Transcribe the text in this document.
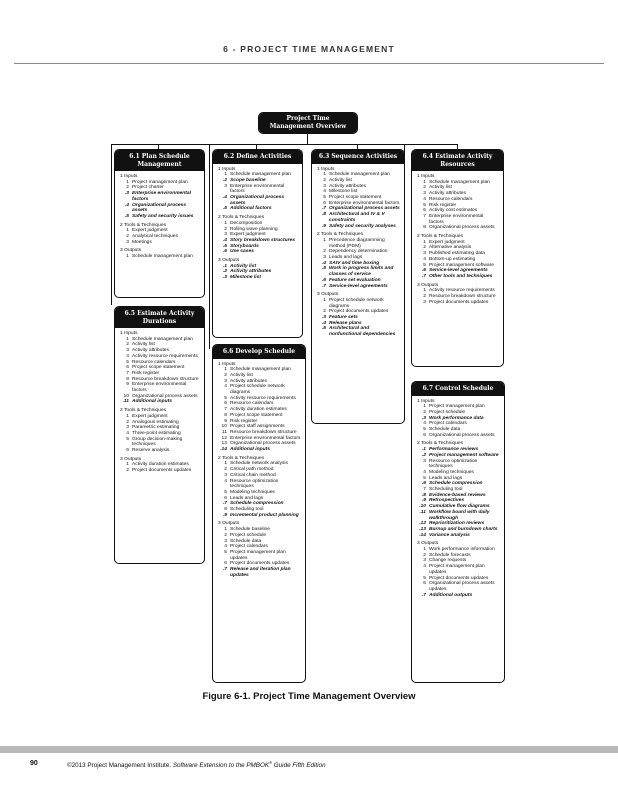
6 - PROJECT TIME MANAGEMENT
Project Time Management Overview
6.1 Plan Schedule Management
1 Inputs
1 Project management plan
2 Project charter
.3 Enterprise environmental factors
.4 Organizational process assets
.5 Safety and security issues
2 Tools & Techniques
1 Expert judgment
2 Analytical techniques
3 Meetings
3 Outputs
1 Schedule management plan
6.2 Define Activities
1 Inputs
1 Schedule management plan
.2 Scope baseline
3 Enterprise environmental factors
.4 Organizational process assets
.5 Additional factors
2 Tools & Techniques
1 Decomposition
2 Rolling wave planning
3 Expert judgment
.4 Story breakdown structures
.5 Storyboards
.6 Use cases
3 Outputs
.1 Activity list
.2 Activity attributes
.3 Milestone list
6.3 Sequence Activities
1 Inputs
1 Schedule management plan
2 Activity list
3 Activity attributes
4 Milestone list
5 Project scope statement
6 Enterprise environmental factors
.7 Organizational process assets
.8 Architectural and IV & V constraints
.9 Safety and security analyses
2 Tools & Techniques
1 Precedence diagramming method (PDM)
2 Dependency determination
3 Leads and lags
.4 SAIV and time boxing
.5 Work in progress limits and classes of service
.6 Feature set evaluation
.7 Service-level agreements
3 Outputs
1 Project schedule network diagrams
2 Project documents updates
.3 Feature sets
.4 Release plans
.5 Architectural and nonfunctional dependencies
6.4 Estimate Activity Resources
1 Inputs
1 Schedule management plan
2 Activity list
3 Activity attributes
4 Resource calendars
5 Risk register
6 Activity cost estimates
7 Enterprise environmental factors
8 Organizational process assets
2 Tools & Techniques
1 Expert judgment
2 Alternative analysis
3 Published estimating data
4 Bottom-up estimating
5 Project management software
.6 Service-level agreements
.7 Other tools and techniques
3 Outputs
1 Activity resource requirements
2 Resource breakdown structure
3 Project documents updates
6.5 Estimate Activity Durations
1 Inputs
1 Schedule management plan
2 Activity list
3 Activity attributes
4 Activity resource requirements
5 Resource calendars
6 Project scope statement
7 Risk register
8 Resource breakdown structure
9 Enterprise environmental factors
10 Organizational process assets
.11 Additional inputs
2 Tools & Techniques
1 Expert judgment
2 Analogous estimating
3 Parametric estimating
4 Three-point estimating
5 Group decision-making techniques
6 Reserve analysis
3 Outputs
1 Activity duration estimates
2 Project documents updates
6.6 Develop Schedule
1 Inputs
1 Schedule management plan
2 Activity list
3 Activity attributes
4 Project schedule network diagrams
5 Activity resource requirements
6 Resource calendars
7 Activity duration estimates
8 Project scope statement
9 Risk register
10 Project staff assignments
11 Resource breakdown structure
12 Enterprise environmental factors
13 Organizational process assets
.14 Additional inputs
2 Tools & Techniques
1 Schedule network analysis
2 Critical path method
3 Critical chain method
4 Resource optimization techniques
5 Modeling techniques
6 Leads and lags
.7 Schedule compression
8 Scheduling tool
.9 Incremental product planning
3 Outputs
1 Schedule baseline
2 Project schedule
3 Schedule data
4 Project calendars
5 Project management plan updates
6 Project documents updates
.7 Release and iteration plan updates
6.7 Control Schedule
1 Inputs
1 Project management plan
2 Project schedule
.3 Work performance data
4 Project calendars
5 Schedule data
6 Organizational process assets
2 Tools & Techniques
.1 Performance reviews
.2 Project management software
3 Resource optimization techniques
4 Modeling techniques
5 Leads and lags
.6 Schedule compression
7 Scheduling tool
.8 Evidence-based reviews
.9 Retrospectives
.10 Cumulative flow diagrams
.11 Workflow board with daily walkthrough
.12 Reprioritization reviews
.13 Burnup and burndown charts
.14 Variance analysis
3 Outputs
1 Work performance information
2 Schedule forecasts
3 Change requests
4 Project management plan updates
5 Project documents updates
6 Organizational process assets updates
.7 Additional outputs
Figure 6-1. Project Time Management Overview
90	©2013 Project Management Institute. Software Extension to the PMBOK® Guide Fifth Edition
